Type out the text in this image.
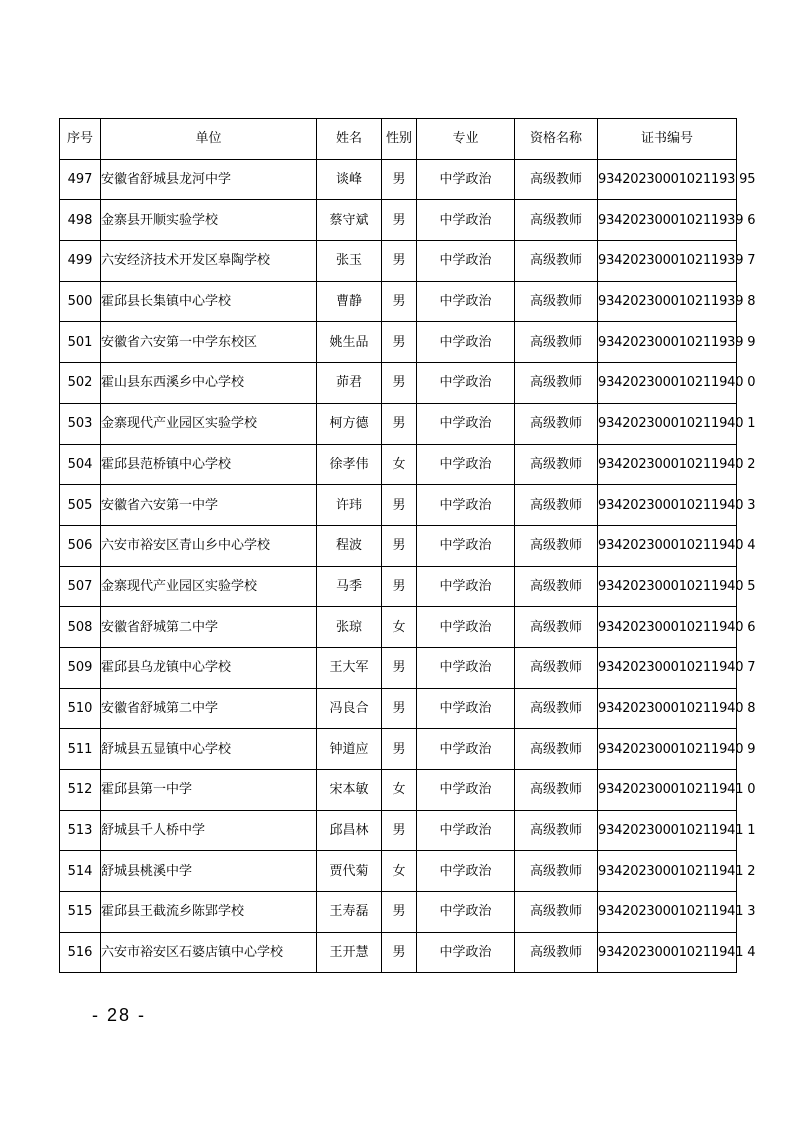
序号	单位	姓名	性别	专业	资格名称	证书编号
497	安徽省舒城县龙河中学	谈峰	男	中学政治	高级教师	93420230001021193 95
498	金寨县开顺实验学校	蔡守斌	男	中学政治	高级教师	934202300010211939 6
499	六安经济技术开发区皋陶学校	张玉	男	中学政治	高级教师	934202300010211939 7
500	霍邱县长集镇中心学校	曹静	男	中学政治	高级教师	934202300010211939 8
501	安徽省六安第一中学东校区	姚生品	男	中学政治	高级教师	934202300010211939 9
502	霍山县东西溪乡中心学校	茆君	男	中学政治	高级教师	934202300010211940 0
503	金寨现代产业园区实验学校	柯方德	男	中学政治	高级教师	934202300010211940 1
504	霍邱县范桥镇中心学校	徐孝伟	女	中学政治	高级教师	934202300010211940 2
505	安徽省六安第一中学	许玮	男	中学政治	高级教师	934202300010211940 3
506	六安市裕安区青山乡中心学校	程波	男	中学政治	高级教师	934202300010211940 4
507	金寨现代产业园区实验学校	马季	男	中学政治	高级教师	934202300010211940 5
508	安徽省舒城第二中学	张琼	女	中学政治	高级教师	934202300010211940 6
509	霍邱县乌龙镇中心学校	王大军	男	中学政治	高级教师	934202300010211940 7
510	安徽省舒城第二中学	冯良合	男	中学政治	高级教师	934202300010211940 8
511	舒城县五显镇中心学校	钟道应	男	中学政治	高级教师	934202300010211940 9
512	霍邱县第一中学	宋本敏	女	中学政治	高级教师	934202300010211941 0
513	舒城县千人桥中学	邱昌林	男	中学政治	高级教师	934202300010211941 1
514	舒城县桃溪中学	贾代菊	女	中学政治	高级教师	934202300010211941 2
515	霍邱县王截流乡陈郢学校	王寿磊	男	中学政治	高级教师	934202300010211941 3
516	六安市裕安区石婆店镇中心学校	王开慧	男	中学政治	高级教师	934202300010211941 4
- 28 -
